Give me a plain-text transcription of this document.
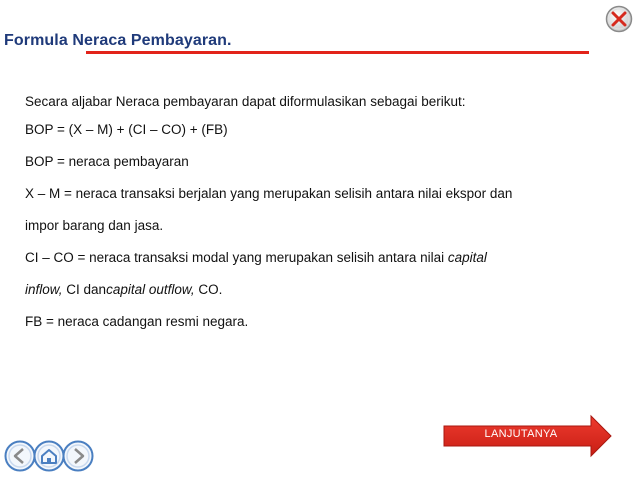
Formula Neraca Pembayaran.
Secara aljabar Neraca pembayaran dapat diformulasikan sebagai berikut:
BOP = (X – M) + (CI – CO) + (FB)
BOP = neraca pembayaran
X – M = neraca transaksi berjalan yang merupakan selisih antara nilai ekspor dan
impor barang dan jasa.
CI – CO = neraca transaksi modal yang merupakan selisih antara nilai capital
inflow, CI dancapital outflow, CO.
FB = neraca cadangan resmi negara.
LANJUTANYA
